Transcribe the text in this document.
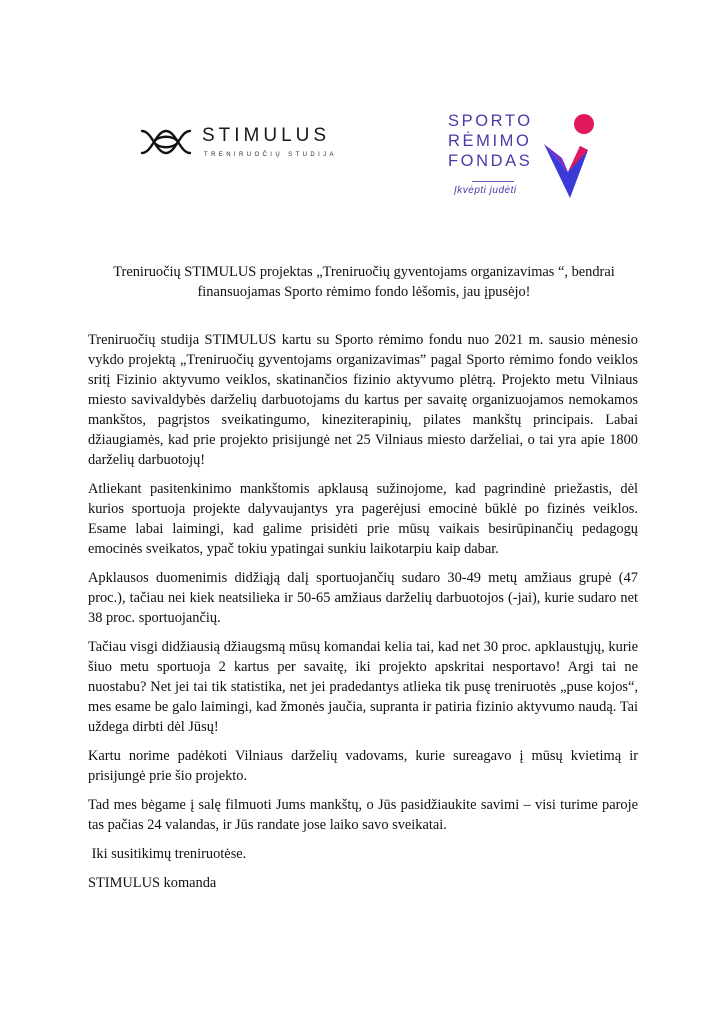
STIMULUS
TRENIRUOČIŲ STUDIJA
SPORTO
RĖMIMO
FONDAS
Įkvėpti judėti

Treniruočių STIMULUS projektas „Treniruočių gyventojams organizavimas “, bendrai finansuojamas Sporto rėmimo fondo lėšomis, jau įpusėjo!

Treniruočių studija STIMULUS kartu su Sporto rėmimo fondu nuo 2021 m. sausio mėnesio vykdo projektą „Treniruočių gyventojams organizavimas” pagal Sporto rėmimo fondo veiklos sritį Fizinio aktyvumo veiklos, skatinančios fizinio aktyvumo plėtrą. Projekto metu Vilniaus miesto savivaldybės darželių darbuotojams du kartus per savaitę organizuojamos nemokamos mankštos, pagrįstos sveikatingumo, kineziterapinių, pilates mankštų principais. Labai džiaugiamės, kad prie projekto prisijungė net 25 Vilniaus miesto darželiai, o tai yra apie 1800 darželių darbuotojų!

Atliekant pasitenkinimo mankštomis apklausą sužinojome, kad pagrindinė priežastis, dėl kurios sportuoja projekte dalyvaujantys yra pagerėjusi emocinė būklė po fizinės veiklos. Esame labai laimingi, kad galime prisidėti prie mūsų vaikais besirūpinančių pedagogų emocinės sveikatos, ypač tokiu ypatingai sunkiu laikotarpiu kaip dabar.

Apklausos duomenimis didžiąją dalį sportuojančių sudaro 30-49 metų amžiaus grupė (47 proc.), tačiau nei kiek neatsilieka ir 50-65 amžiaus darželių darbuotojos (-jai), kurie sudaro net 38 proc. sportuojančių.

Tačiau visgi didžiausią džiaugsmą mūsų komandai kelia tai, kad net 30 proc. apklaustųjų, kurie šiuo metu sportuoja 2 kartus per savaitę, iki projekto apskritai nesportavo! Argi tai ne nuostabu? Net jei tai tik statistika, net jei pradedantys atlieka tik pusę treniruotės „puse kojos“, mes esame be galo laimingi, kad žmonės jaučia, supranta ir patiria fizinio aktyvumo naudą. Tai uždega dirbti dėl Jūsų!

Kartu norime padėkoti Vilniaus darželių vadovams, kurie sureagavo į mūsų kvietimą ir prisijungė prie šio projekto.

Tad mes bėgame į salę filmuoti Jums mankštų, o Jūs pasidžiaukite savimi – visi turime paroje tas pačias 24 valandas, ir Jūs randate jose laiko savo sveikatai.

Iki susitikimų treniruotėse.

STIMULUS komanda
